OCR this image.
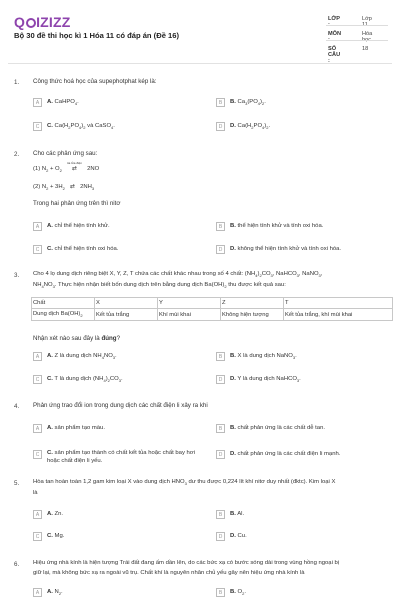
Q IZIZZ
Bộ 30 đề thi học kì 1 Hóa 11 có đáp án (Đề 16)
LỚP :
Lớp 11
MÔN :
Hóa học
SỐ CÂU :
18
1. Công thức hoá học của supephotphat kép là:
A	A. CaHPO$_4$.	B	B. $Ca_3(PO_4)_2$.
C	C. $Ca(H_2PO_4)_2$ và CaSO$_4$.	D	D. $Ca(H_2PO_4)_2$.
2. Cho các phản ứng sau:
(1) $N_2 + O_2$
tia lửa điện
⇄ 2NO
(2) $N_2 + 3H_2$ ⇄ $2NH_3$
Trong hai phản ứng trên thì nitơ
A	A. chỉ thể hiện tính khử.	B	B. thể hiện tính khử và tính oxi hóa.
C	C. chỉ thể hiện tính oxi hóa.	D	D. không thể hiện tính khử và tính oxi hóa.
3. Cho 4 lọ dung dịch riêng biệt X, Y, Z, T chứa các chất khác nhau trong số 4 chất: $(NH_4)_2CO_3$, NaHCO$_3$, NaNO$_3$,
$NH_4NO_3$. Thực hiện nhận biết bốn dung dịch trên bằng dung dịch $Ba(OH)_2$ thu được kết quả sau:
Chất	X	Y	Z	T
Dung dịch $Ba(OH)_2$	Kết tủa trắng	Khí mùi khai	Không hiện tượng	Kết tủa trắng, khí mùi khai
Nhận xét nào sau đây là đúng?
A	A. Z là dung dịch $NH_4NO_3$.	B	B. X là dung dịch NaNO$_3$.
C	C. T là dung dịch $(NH_4)_2CO_3$.	D	D. Y là dung dịch NaHCO$_3$.
4. Phản ứng trao đổi ion trong dung dịch các chất điện li xảy ra khi
A	A. sản phẩm tạo màu.	B	B. chất phản ứng là các chất dễ tan.
C	C. sản phẩm tạo thành có chất kết tủa hoặc chất bay hơi hoặc chất điện li yếu.
D	D. chất phản ứng là các chất điện li mạnh.
5. Hòa tan hoàn toàn 1,2 gam kim loại X vào dung dịch $HNO_3$ dư thu được 0,224 lít khí nitơ duy nhất (đktc). Kim loại X
là
A	A. Zn.	B	B. Al.
C	C. Mg.	D	D. Cu.
6. Hiệu ứng nhà kính là hiện tượng Trái đất đang ấm dần lên, do các bức xạ có bước sóng dài trong vùng hồng ngoại bị
giữ lại, mà không bức xạ ra ngoài vũ trụ. Chất khí là nguyên nhân chủ yếu gây nên hiệu ứng nhà kính là
A	A. $N_2$.	B	B. $O_2$.
